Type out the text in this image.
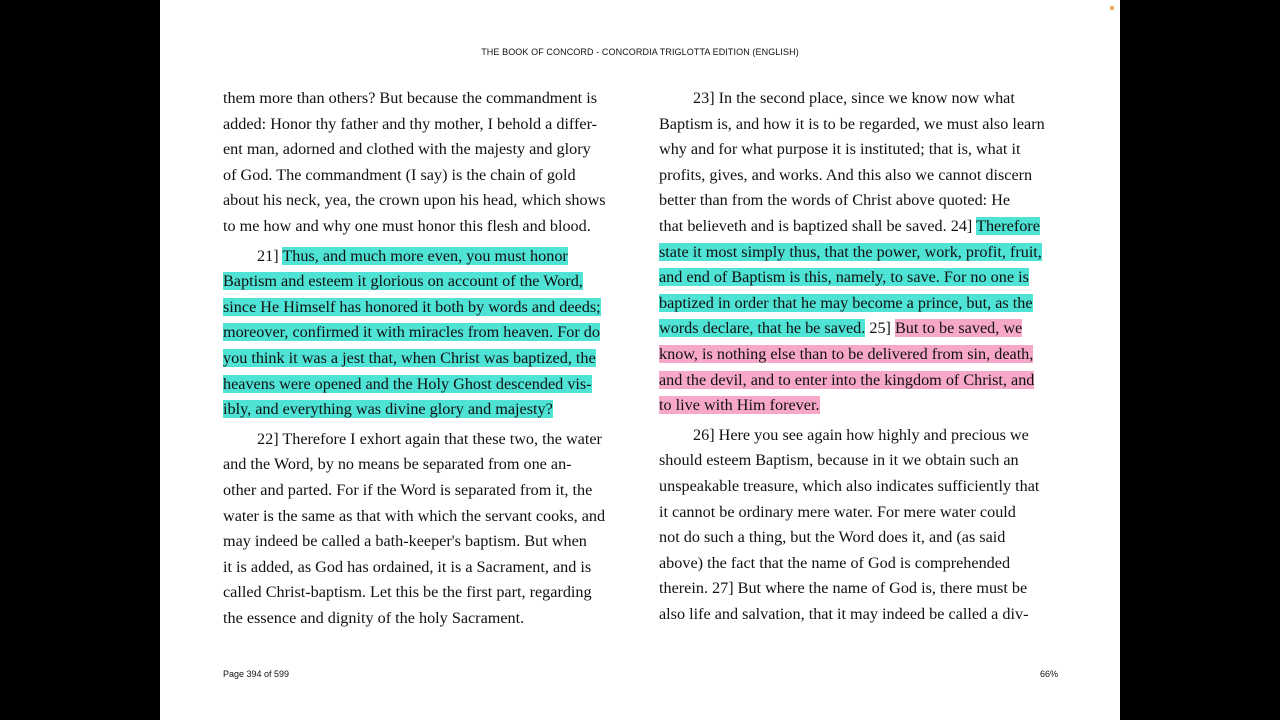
THE BOOK OF CONCORD - CONCORDIA TRIGLOTTA EDITION (ENGLISH)
them more than others? But because the commandment is
added: Honor thy father and thy mother, I behold a differ-
ent man, adorned and clothed with the majesty and glory
of God. The commandment (I say) is the chain of gold
about his neck, yea, the crown upon his head, which shows
to me how and why one must honor this flesh and blood.
21] Thus, and much more even, you must honor
Baptism and esteem it glorious on account of the Word,
since He Himself has honored it both by words and deeds;
moreover, confirmed it with miracles from heaven. For do
you think it was a jest that, when Christ was baptized, the
heavens were opened and the Holy Ghost descended vis-
ibly, and everything was divine glory and majesty?
22] Therefore I exhort again that these two, the water
and the Word, by no means be separated from one an-
other and parted. For if the Word is separated from it, the
water is the same as that with which the servant cooks, and
may indeed be called a bath-keeper's baptism. But when
it is added, as God has ordained, it is a Sacrament, and is
called Christ-baptism. Let this be the first part, regarding
the essence and dignity of the holy Sacrament.
23] In the second place, since we know now what
Baptism is, and how it is to be regarded, we must also learn
why and for what purpose it is instituted; that is, what it
profits, gives, and works. And this also we cannot discern
better than from the words of Christ above quoted: He
that believeth and is baptized shall be saved. 24] Therefore
state it most simply thus, that the power, work, profit, fruit,
and end of Baptism is this, namely, to save. For no one is
baptized in order that he may become a prince, but, as the
words declare, that he be saved. 25] But to be saved, we
know, is nothing else than to be delivered from sin, death,
and the devil, and to enter into the kingdom of Christ, and
to live with Him forever.
26] Here you see again how highly and precious we
should esteem Baptism, because in it we obtain such an
unspeakable treasure, which also indicates sufficiently that
it cannot be ordinary mere water. For mere water could
not do such a thing, but the Word does it, and (as said
above) the fact that the name of God is comprehended
therein. 27] But where the name of God is, there must be
also life and salvation, that it may indeed be called a div-
Page 394 of 599	66%
